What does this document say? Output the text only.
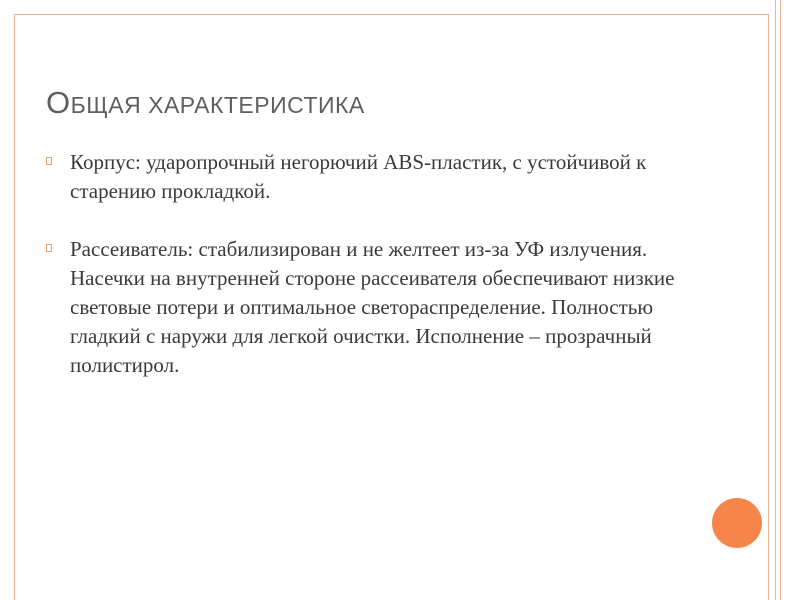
ОБЩАЯ ХАРАКТЕРИСТИКА
Корпус: ударопрочный негорючий ABS-пластик, с устойчивой к старению прокладкой.
Рассеиватель: стабилизирован и не желтеет из-за УФ излучения. Насечки на внутренней стороне рассеивателя обеспечивают низкие световые потери и оптимальное светораспределение. Полностью гладкий с наружи для легкой очистки. Исполнение – прозрачный полистирол.
